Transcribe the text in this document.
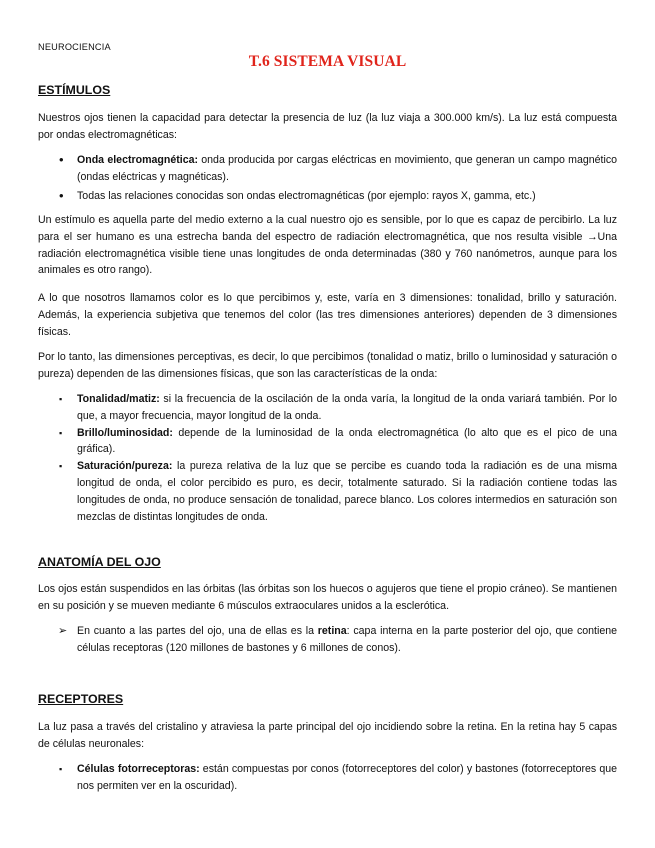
NEUROCIENCIA
T.6 SISTEMA VISUAL
ESTÍMULOS

Nuestros ojos tienen la capacidad para detectar la presencia de luz (la luz viaja a 300.000 km/s). La luz está compuesta por ondas electromagnéticas:

• Onda electromagnética: onda producida por cargas eléctricas en movimiento, que generan un campo magnético (ondas eléctricas y magnéticas).
• Todas las relaciones conocidas son ondas electromagnéticas (por ejemplo: rayos X, gamma, etc.)

Un estímulo es aquella parte del medio externo a la cual nuestro ojo es sensible, por lo que es capaz de percibirlo. La luz para el ser humano es una estrecha banda del espectro de radiación electromagnética, que nos resulta visible →Una radiación electromagnética visible tiene unas longitudes de onda determinadas (380 y 760 nanómetros, aunque para los animales es otro rango).

A lo que nosotros llamamos color es lo que percibimos y, este, varía en 3 dimensiones: tonalidad, brillo y saturación. Además, la experiencia subjetiva que tenemos del color (las tres dimensiones anteriores) dependen de 3 dimensiones físicas.

Por lo tanto, las dimensiones perceptivas, es decir, lo que percibimos (tonalidad o matiz, brillo o luminosidad y saturación o pureza) dependen de las dimensiones físicas, que son las características de la onda:

▪ Tonalidad/matiz: si la frecuencia de la oscilación de la onda varía, la longitud de la onda variará también. Por lo que, a mayor frecuencia, mayor longitud de la onda.
▪ Brillo/luminosidad: depende de la luminosidad de la onda electromagnética (lo alto que es el pico de una gráfica).
▪ Saturación/pureza: la pureza relativa de la luz que se percibe es cuando toda la radiación es de una misma longitud de onda, el color percibido es puro, es decir, totalmente saturado. Si la radiación contiene todas las longitudes de onda, no produce sensación de tonalidad, parece blanco. Los colores intermedios en saturación son mezclas de distintas longitudes de onda.
ANATOMÍA DEL OJO

Los ojos están suspendidos en las órbitas (las órbitas son los huecos o agujeros que tiene el propio cráneo). Se mantienen en su posición y se mueven mediante 6 músculos extraoculares unidos a la esclerótica.

➢ En cuanto a las partes del ojo, una de ellas es la retina: capa interna en la parte posterior del ojo, que contiene células receptoras (120 millones de bastones y 6 millones de conos).
RECEPTORES

La luz pasa a través del cristalino y atraviesa la parte principal del ojo incidiendo sobre la retina. En la retina hay 5 capas de células neuronales:

▪ Células fotorreceptoras: están compuestas por conos (fotorreceptores del color) y bastones (fotorreceptores que nos permiten ver en la oscuridad).
